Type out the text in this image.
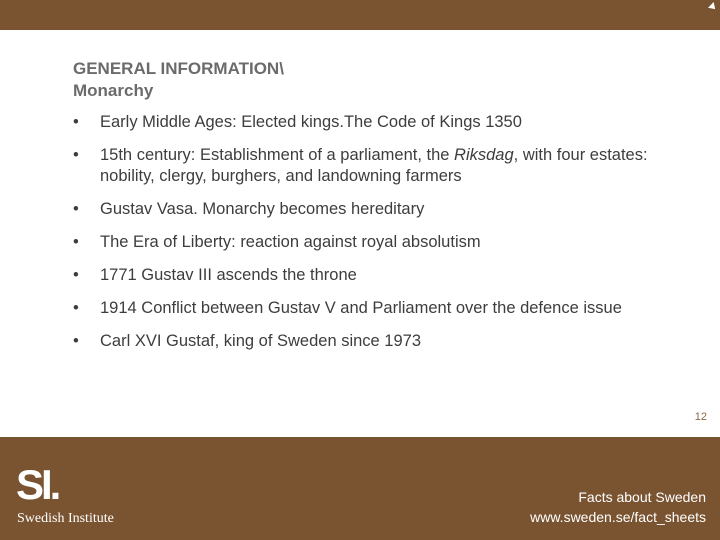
GENERAL INFORMATION\
Monarchy
•	Early Middle Ages: Elected kings.The Code of Kings 1350
•	15th century: Establishment of a parliament, the Riksdag, with four estates: nobility, clergy, burghers, and landowning farmers
•	Gustav Vasa. Monarchy becomes hereditary
•	The Era of Liberty: reaction against royal absolutism
•	1771 Gustav III ascends the throne
•	1914 Conflict between Gustav V and Parliament over the defence issue
•	Carl XVI Gustaf, king of Sweden since 1973
12
SI.
Swedish Institute
Facts about Sweden
www.sweden.se/fact_sheets
